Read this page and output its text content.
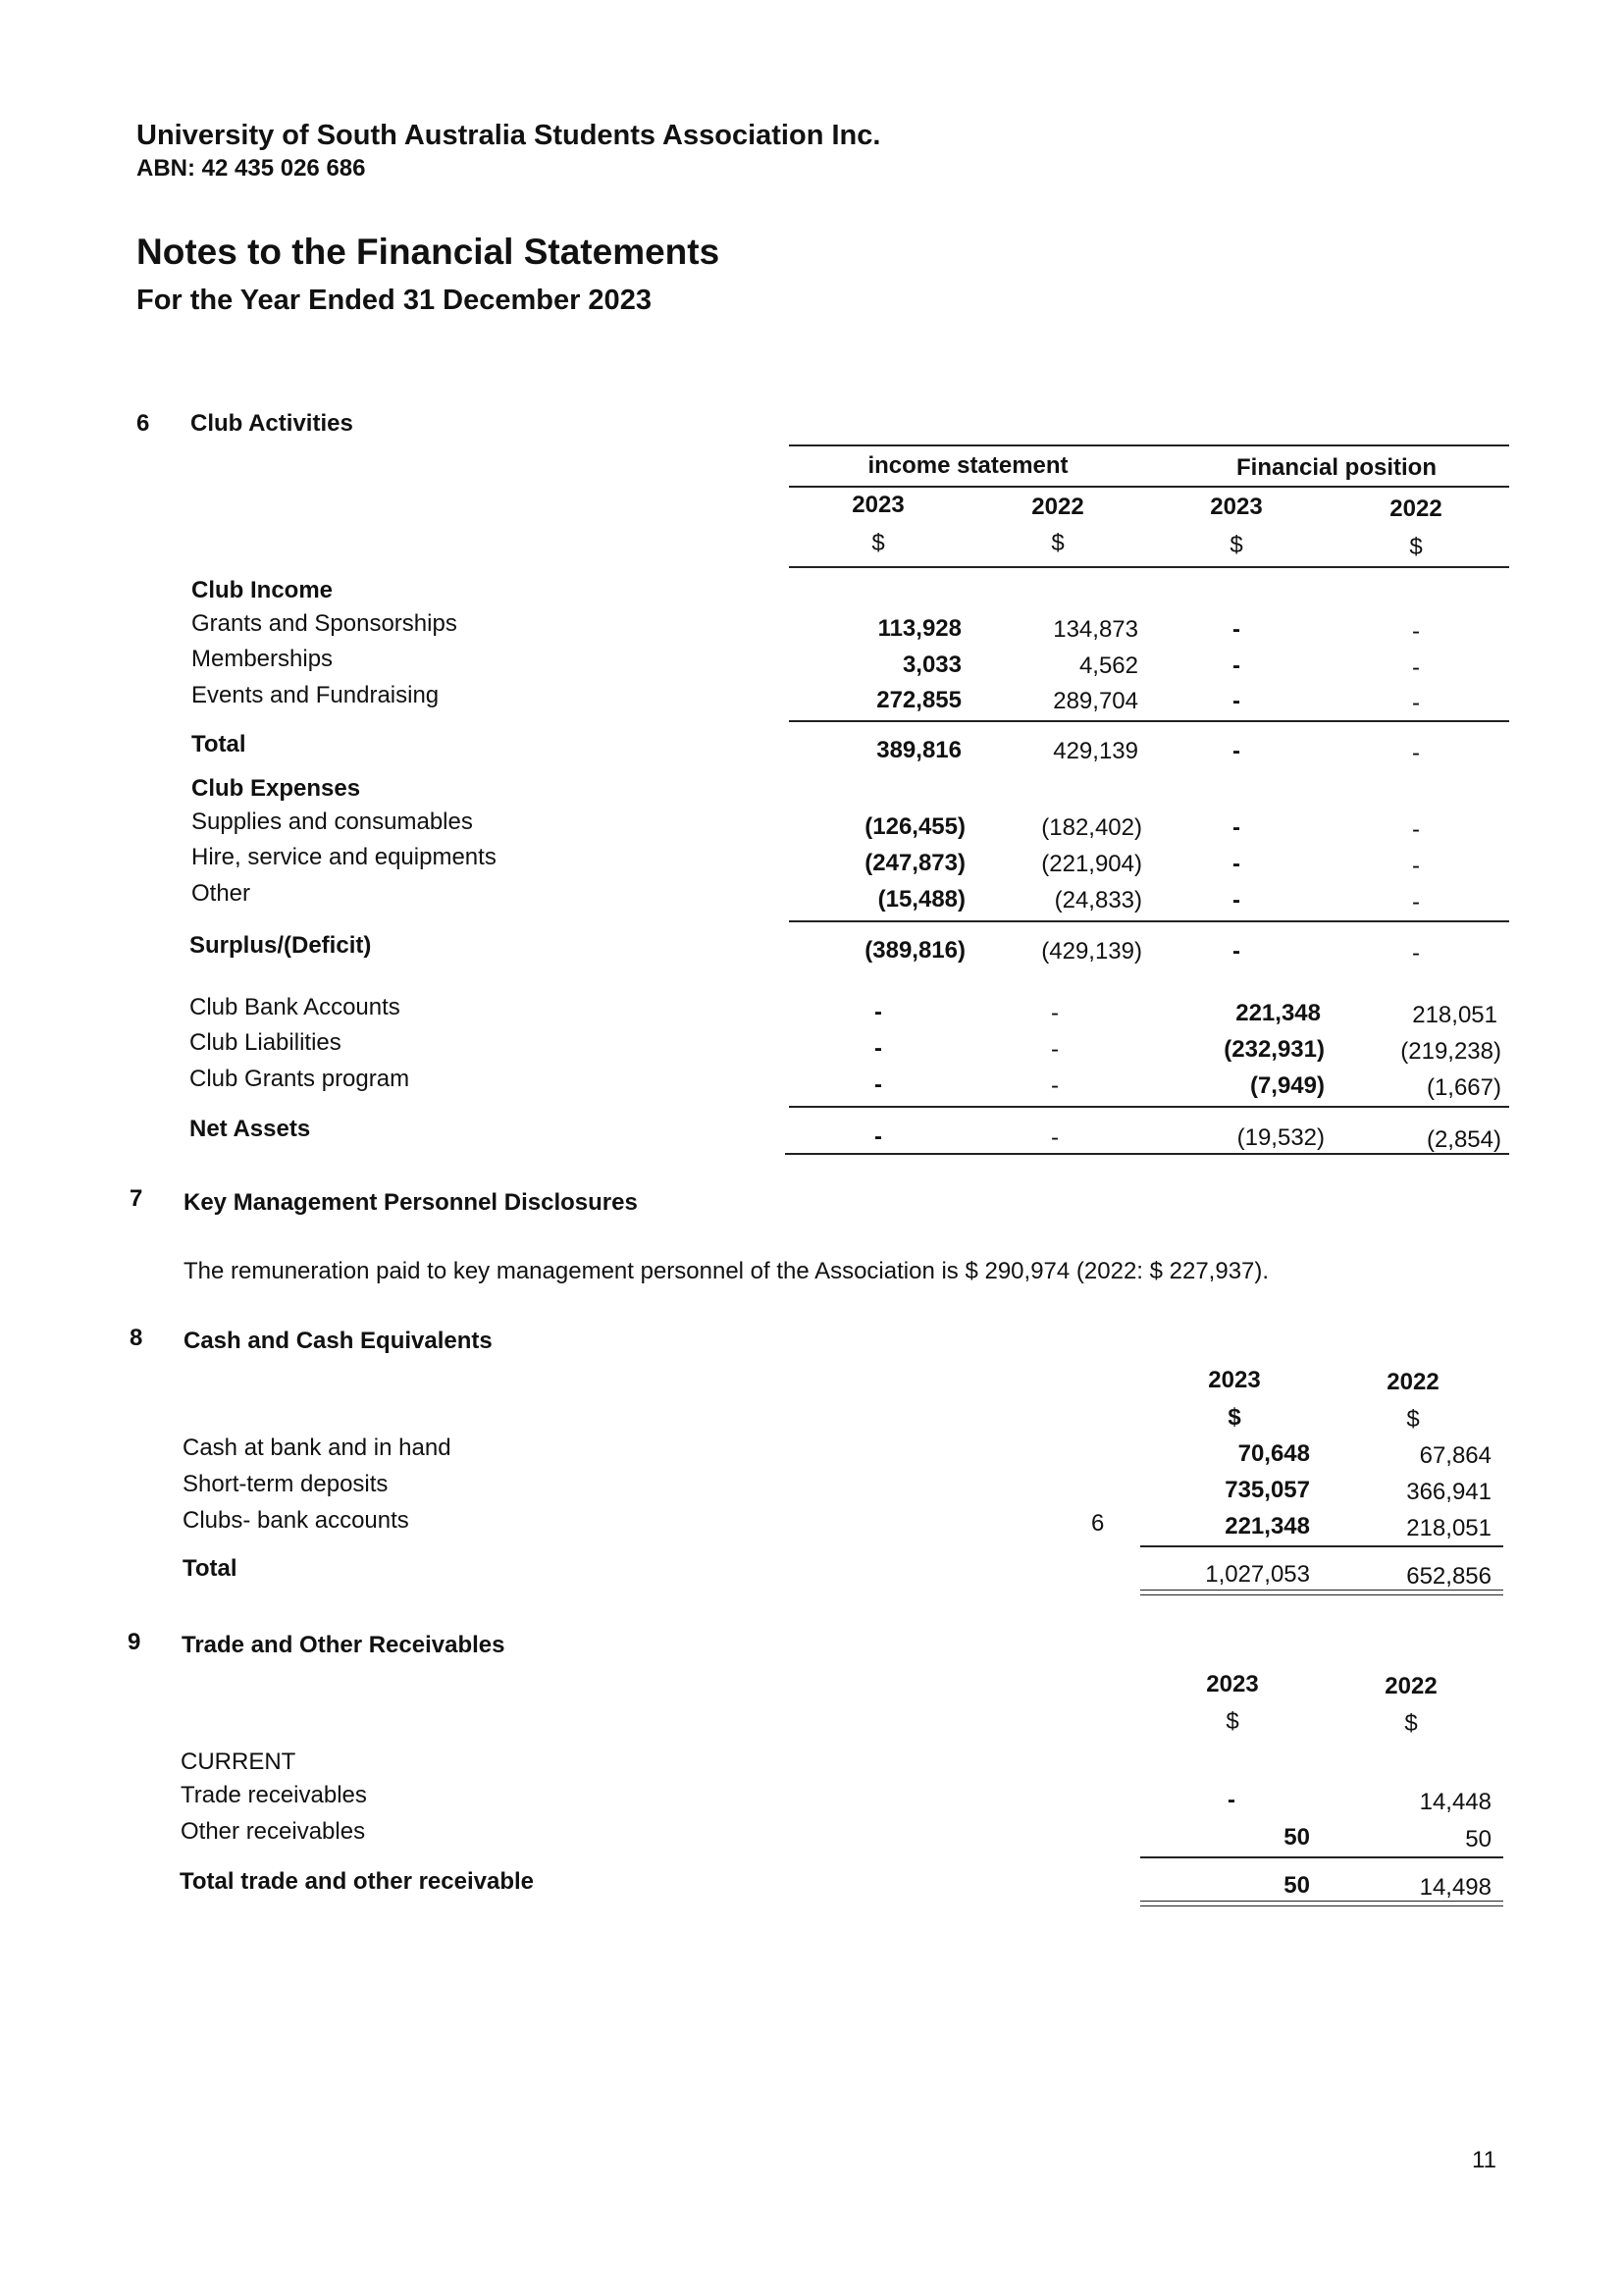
University of South Australia Students Association Inc.
ABN: 42 435 026 686
Notes to the Financial Statements
For the Year Ended 31 December 2023
6 Club Activities
income statement	Financial position
2023	2022	2023	2022
$	$	$	$
Club Income
Grants and Sponsorships	113,928	134,873	-	-
Memberships	3,033	4,562	-	-
Events and Fundraising	272,855	289,704	-	-
Total	389,816	429,139	-	-
Club Expenses
Supplies and consumables	(126,455)	(182,402)	-	-
Hire, service and equipments	(247,873)	(221,904)	-	-
Other	(15,488)	(24,833)	-	-
Surplus/(Deficit)	(389,816)	(429,139)	-	-
Club Bank Accounts	-	-	221,348	218,051
Club Liabilities	-	-	(232,931)	(219,238)
Club Grants program	-	-	(7,949)	(1,667)
Net Assets	-	-	(19,532)	(2,854)
7 Key Management Personnel Disclosures
The remuneration paid to key management personnel of the Association is $ 290,974 (2022: $ 227,937).
8 Cash and Cash Equivalents
2023	2022
$	$
Cash at bank and in hand	70,648	67,864
Short-term deposits	735,057	366,941
Clubs- bank accounts	6	221,348	218,051
Total	1,027,053	652,856
9 Trade and Other Receivables
2023	2022
$	$
CURRENT
Trade receivables	-	14,448
Other receivables	50	50
Total trade and other receivable	50	14,498
11
